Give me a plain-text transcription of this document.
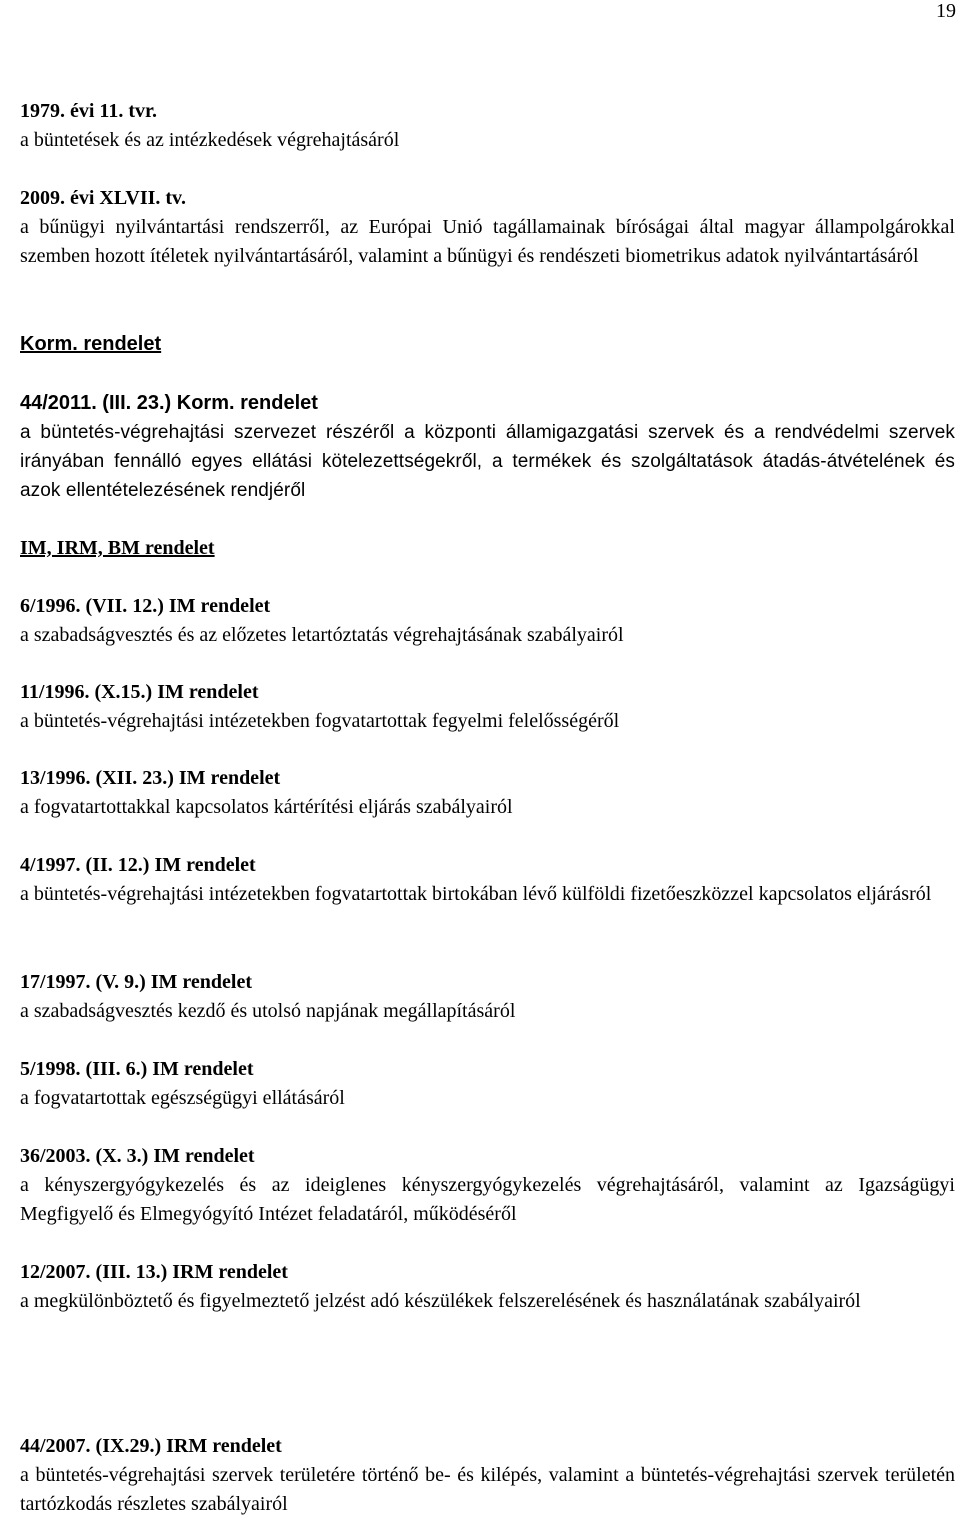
19
1979. évi 11. tvr.
a büntetések és az intézkedések végrehajtásáról
2009. évi XLVII. tv.
a bűnügyi nyilvántartási rendszerről, az Európai Unió tagállamainak bíróságai által magyar állampolgárokkal szemben hozott ítéletek nyilvántartásáról, valamint a bűnügyi és rendészeti biometrikus adatok nyilvántartásáról
Korm. rendelet
44/2011. (III. 23.) Korm. rendelet
a büntetés-végrehajtási szervezet részéről a központi államigazgatási szervek és a rendvédelmi szervek irányában fennálló egyes ellátási kötelezettségekről, a termékek és szolgáltatások átadás-átvételének és azok ellentételezésének rendjéről
IM, IRM, BM rendelet
6/1996. (VII. 12.) IM rendelet
a szabadságvesztés és az előzetes letartóztatás végrehajtásának szabályairól
11/1996. (X.15.) IM rendelet
a büntetés-végrehajtási intézetekben fogvatartottak fegyelmi felelősségéről
13/1996. (XII. 23.) IM rendelet
a fogvatartottakkal kapcsolatos kártérítési eljárás szabályairól
4/1997. (II. 12.) IM rendelet
a büntetés-végrehajtási intézetekben fogvatartottak birtokában lévő külföldi fizetőeszközzel kapcsolatos eljárásról
17/1997. (V. 9.) IM rendelet
a szabadságvesztés kezdő és utolsó napjának megállapításáról
5/1998. (III. 6.) IM rendelet
a fogvatartottak egészségügyi ellátásáról
36/2003. (X. 3.) IM rendelet
a kényszergyógykezelés és az ideiglenes kényszergyógykezelés végrehajtásáról, valamint az Igazságügyi Megfigyelő és Elmegyógyító Intézet feladatáról, működéséről
12/2007. (III. 13.) IRM rendelet
a megkülönböztető és figyelmeztető jelzést adó készülékek felszerelésének és használatának szabályairól
44/2007. (IX.29.) IRM rendelet
a büntetés-végrehajtási szervek területére történő be- és kilépés, valamint a büntetés-végrehajtási szervek területén tartózkodás részletes szabályairól
